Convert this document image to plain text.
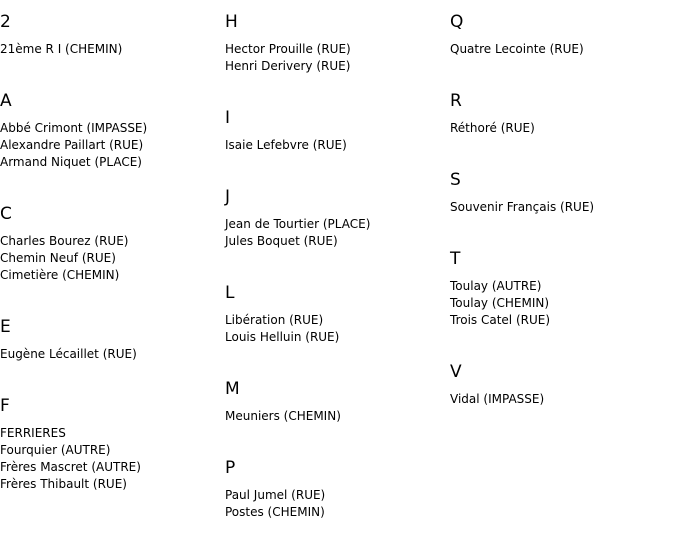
2
21ème R I (CHEMIN)
A
Abbé Crimont (IMPASSE)
Alexandre Paillart (RUE)
Armand Niquet (PLACE)
C
Charles Bourez (RUE)
Chemin Neuf (RUE)
Cimetière (CHEMIN)
E
Eugène Lécaillet (RUE)
F
FERRIERES
Fourquier (AUTRE)
Frères Mascret (AUTRE)
Frères Thibault (RUE)
H
Hector Prouille (RUE)
Henri Derivery (RUE)
I
Isaie Lefebvre (RUE)
J
Jean de Tourtier (PLACE)
Jules Boquet (RUE)
L
Libération (RUE)
Louis Helluin (RUE)
M
Meuniers (CHEMIN)
P
Paul Jumel (RUE)
Postes (CHEMIN)
Q
Quatre Lecointe (RUE)
R
Réthoré (RUE)
S
Souvenir Français (RUE)
T
Toulay (AUTRE)
Toulay (CHEMIN)
Trois Catel (RUE)
V
Vidal (IMPASSE)
